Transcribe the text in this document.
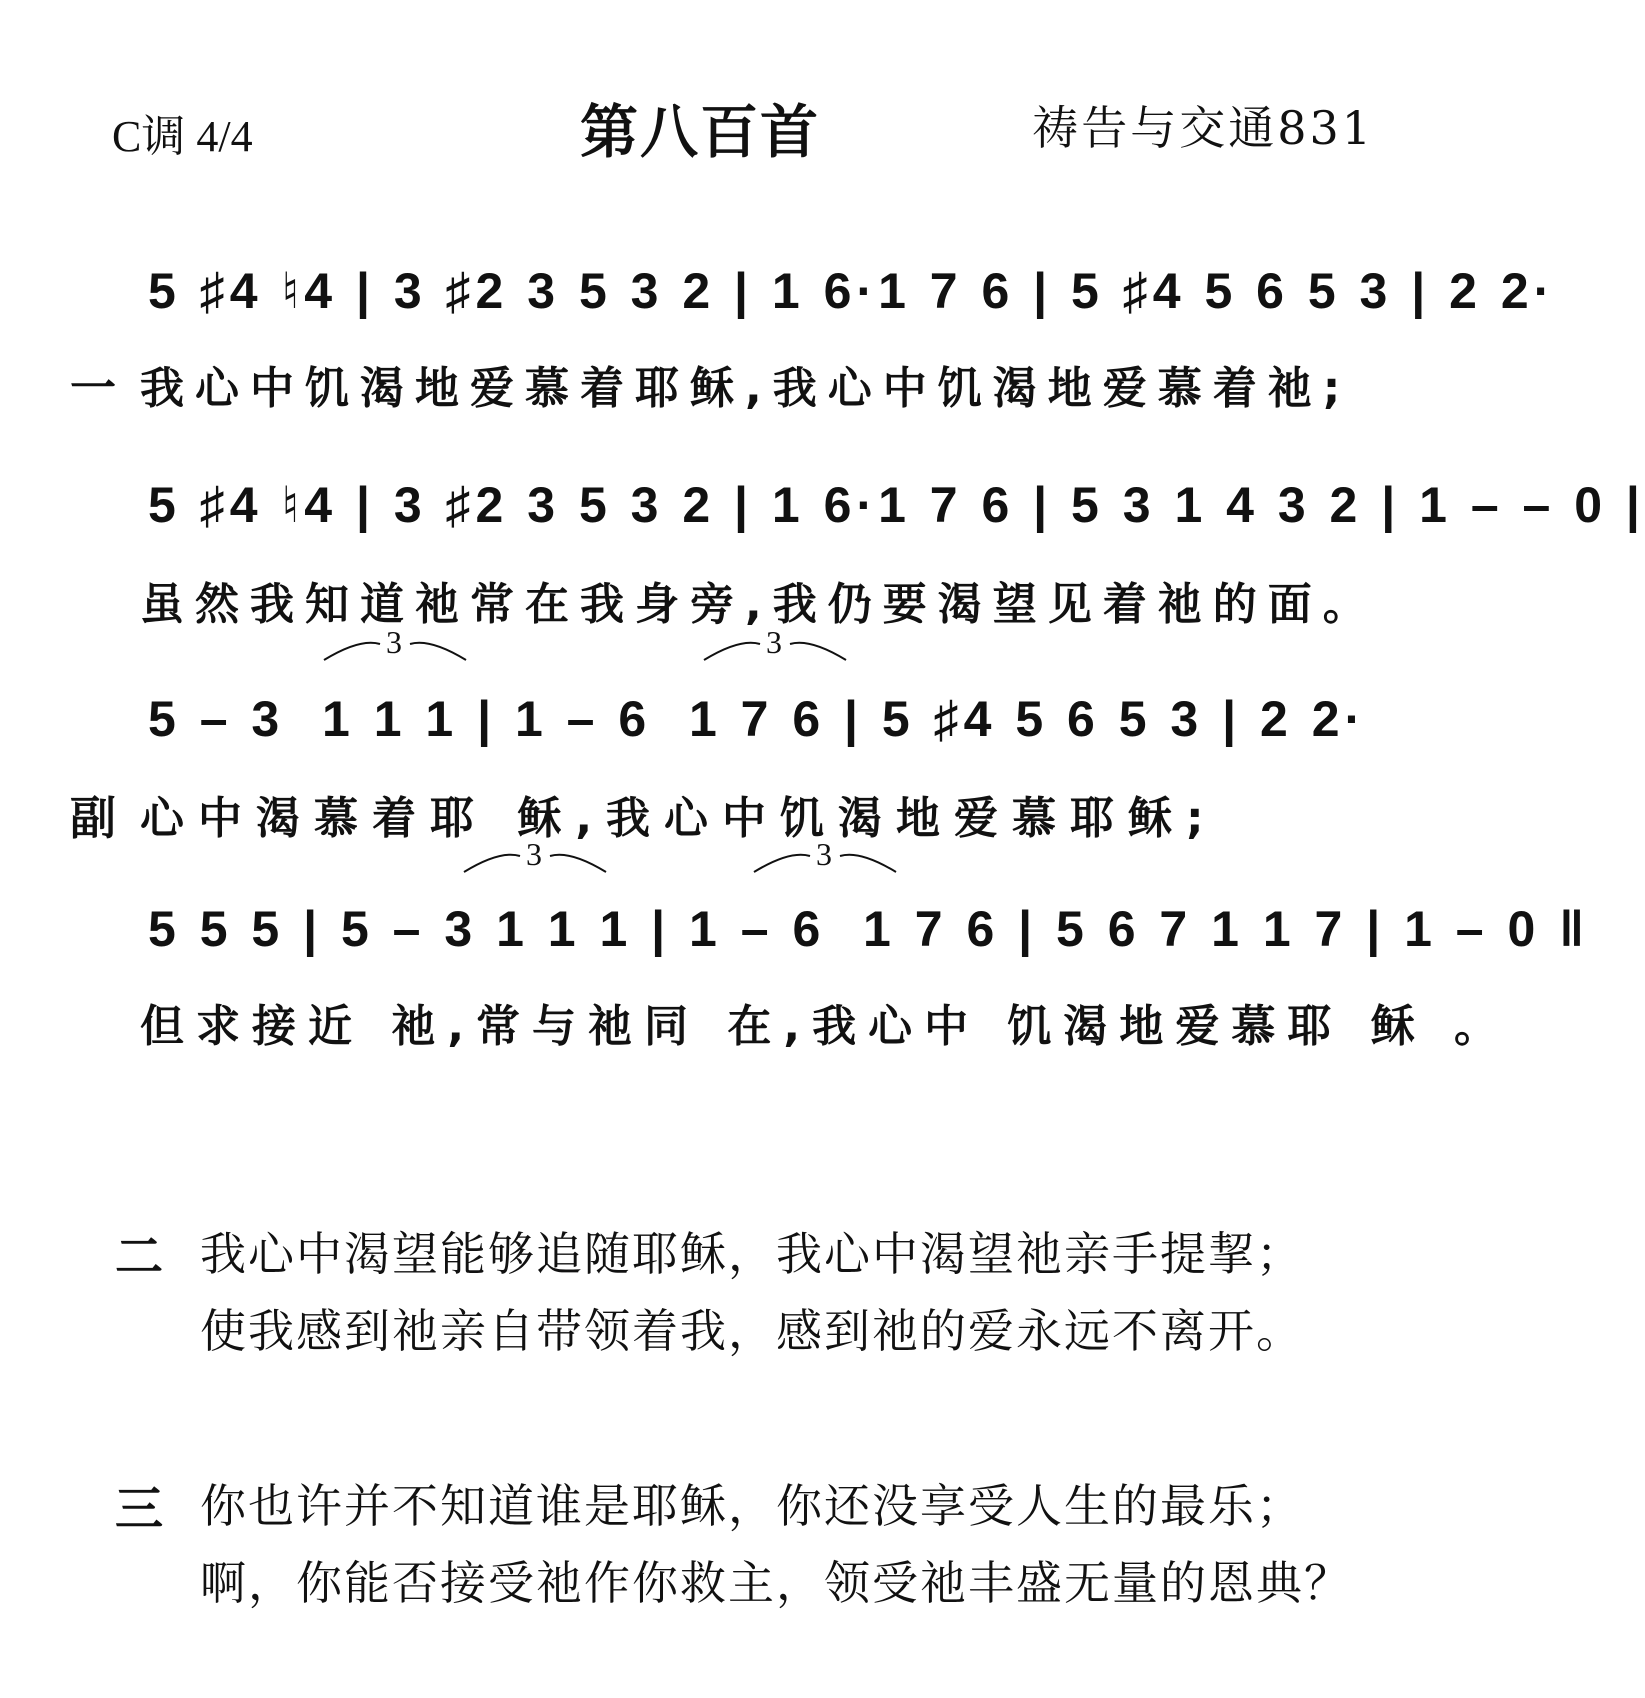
C调 4/4	第八百首	祷告与交通831
5 ♯4 ♮4 | 3 ♯2 3 5 3 2 | 1 6·1 7 6 | 5 ♯4 5 6 5 3 | 2 2·
一 我心中饥渴地爱慕着耶稣,我心中饥渴地爱慕着祂;
5 ♯4 ♮4 | 3 ♯2 3 5 3 2 | 1 6·1 7 6 | 5 3 1 4 3 2 | 1 – – 0 |
虽然我知道祂常在我身旁,我仍要渴望见着祂的面。
3	3
5 – 3  1 1 1 | 1 – 6  1 7 6 | 5 ♯4 5 6 5 3 | 2 2·
副 心中渴慕着耶 稣,我心中饥渴地爱慕耶稣;
3	3
5 5 5 | 5 – 3 1 1 1 | 1 – 6  1 7 6 | 5 6 7 1 1 7 | 1 – 0 ‖
但求接近 祂,常与祂同 在,我心中 饥渴地爱慕耶 稣 。
二 我心中渴望能够追随耶稣，我心中渴望祂亲手提挈；
使我感到祂亲自带领着我，感到祂的爱永远不离开。
三 你也许并不知道谁是耶稣，你还没享受人生的最乐；
啊，你能否接受祂作你救主，领受祂丰盛无量的恩典？
